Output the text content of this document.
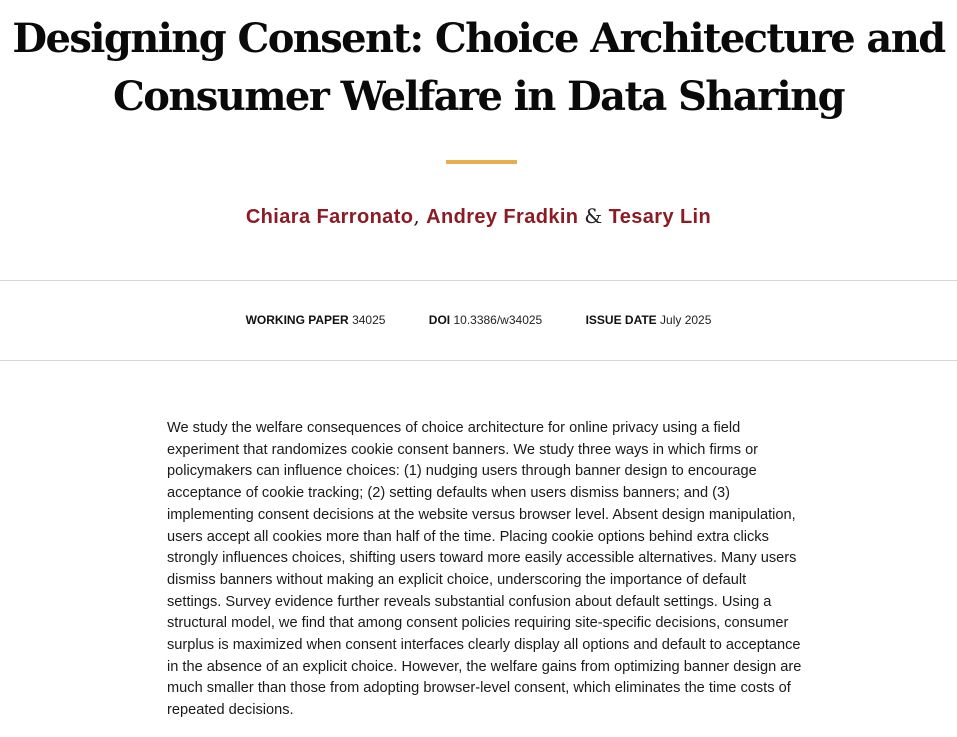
Designing Consent: Choice Architecture and
Consumer Welfare in Data Sharing
Chiara Farronato, Andrey Fradkin & Tesary Lin
WORKING PAPER 34025	DOI 10.3386/w34025	ISSUE DATE July 2025

We study the welfare consequences of choice architecture for online privacy using a field experiment that randomizes cookie consent banners. We study three ways in which firms or policymakers can influence choices: (1) nudging users through banner design to encourage acceptance of cookie tracking; (2) setting defaults when users dismiss banners; and (3) implementing consent decisions at the website versus browser level. Absent design manipulation, users accept all cookies more than half of the time. Placing cookie options behind extra clicks strongly influences choices, shifting users toward more easily accessible alternatives. Many users dismiss banners without making an explicit choice, underscoring the importance of default settings. Survey evidence further reveals substantial confusion about default settings. Using a structural model, we find that among consent policies requiring site-specific decisions, consumer surplus is maximized when consent interfaces clearly display all options and default to acceptance in the absence of an explicit choice. However, the welfare gains from optimizing banner design are much smaller than those from adopting browser-level consent, which eliminates the time costs of repeated decisions.
